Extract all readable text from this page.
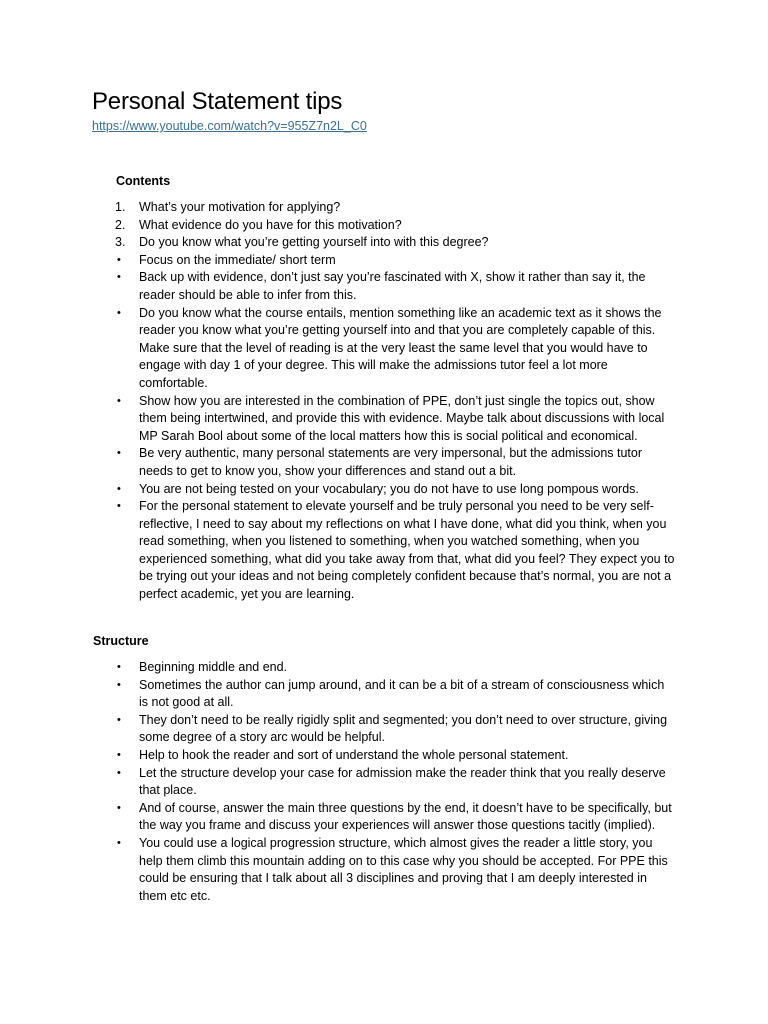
Personal Statement tips
https://www.youtube.com/watch?v=955Z7n2L_C0
Contents
1.	What’s your motivation for applying?
2.	What evidence do you have for this motivation?
3.	Do you know what you’re getting yourself into with this degree?
•	Focus on the immediate/ short term
•	Back up with evidence, don’t just say you’re fascinated with X, show it rather than say it, the reader should be able to infer from this.
•	Do you know what the course entails, mention something like an academic text as it shows the reader you know what you’re getting yourself into and that you are completely capable of this. Make sure that the level of reading is at the very least the same level that you would have to engage with day 1 of your degree. This will make the admissions tutor feel a lot more comfortable.
•	Show how you are interested in the combination of PPE, don’t just single the topics out, show them being intertwined, and provide this with evidence. Maybe talk about discussions with local MP Sarah Bool about some of the local matters how this is social political and economical.
•	Be very authentic, many personal statements are very impersonal, but the admissions tutor needs to get to know you, show your differences and stand out a bit.
•	You are not being tested on your vocabulary; you do not have to use long pompous words.
•	For the personal statement to elevate yourself and be truly personal you need to be very self-reflective, I need to say about my reflections on what I have done, what did you think, when you read something, when you listened to something, when you watched something, when you experienced something, what did you take away from that, what did you feel? They expect you to be trying out your ideas and not being completely confident because that’s normal, you are not a perfect academic, yet you are learning.
Structure
•	Beginning middle and end.
•	Sometimes the author can jump around, and it can be a bit of a stream of consciousness which is not good at all.
•	They don’t need to be really rigidly split and segmented; you don’t need to over structure, giving some degree of a story arc would be helpful.
•	Help to hook the reader and sort of understand the whole personal statement.
•	Let the structure develop your case for admission make the reader think that you really deserve that place.
•	And of course, answer the main three questions by the end, it doesn’t have to be specifically, but the way you frame and discuss your experiences will answer those questions tacitly (implied).
•	You could use a logical progression structure, which almost gives the reader a little story, you help them climb this mountain adding on to this case why you should be accepted. For PPE this could be ensuring that I talk about all 3 disciplines and proving that I am deeply interested in them etc etc.
